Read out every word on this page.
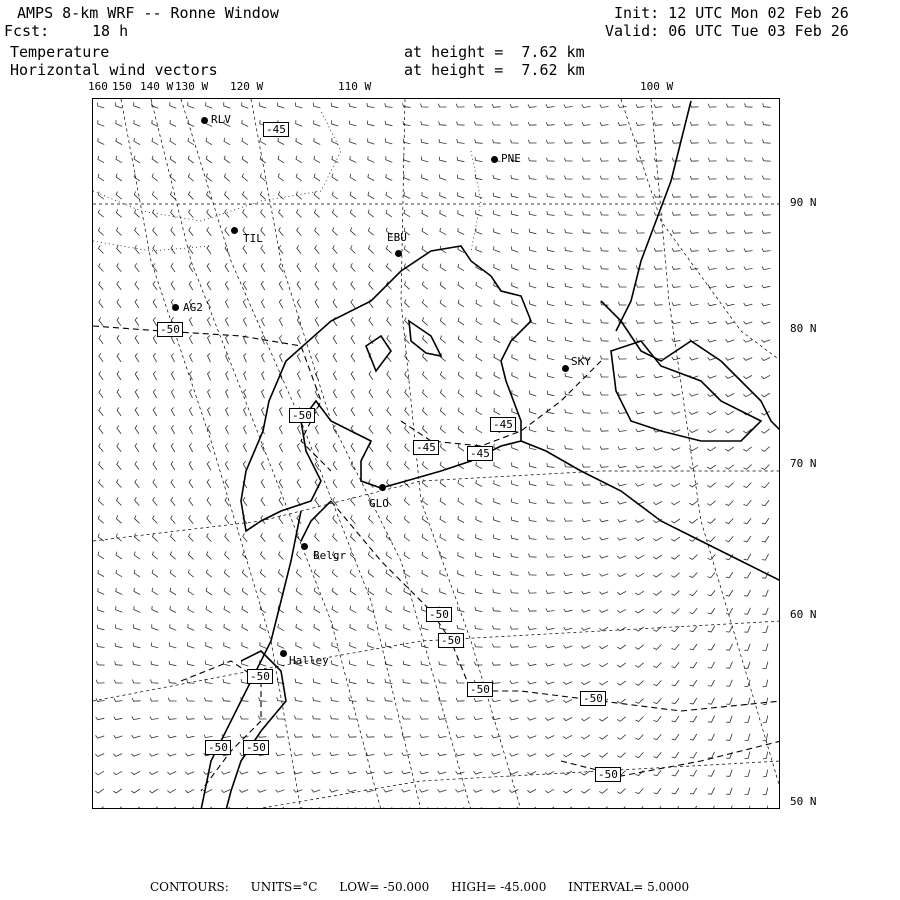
AMPS 8-km WRF -- Ronne Window	Init: 12 UTC Mon 02 Feb 26
Fcst:	18 h	Valid: 06 UTC Tue 03 Feb 26
Temperature	at height =  7.62 km
Horizontal wind vectors	at height =  7.62 km
160 150 140 W 130 W 120 W	110 W	100 W
90 N
80 N
70 N
60 N
50 N
RLV
PNE
TIL	EBU
AG2
SKY
GLO
Belgr
Halley
-45
-50
-50
-45
-45	-45
-50
-50
-50
-50
-50
-50 -50
-50
CONTOURS: UNITS=°C LOW= -50.000 HIGH= -45.000 INTERVAL= 5.0000
